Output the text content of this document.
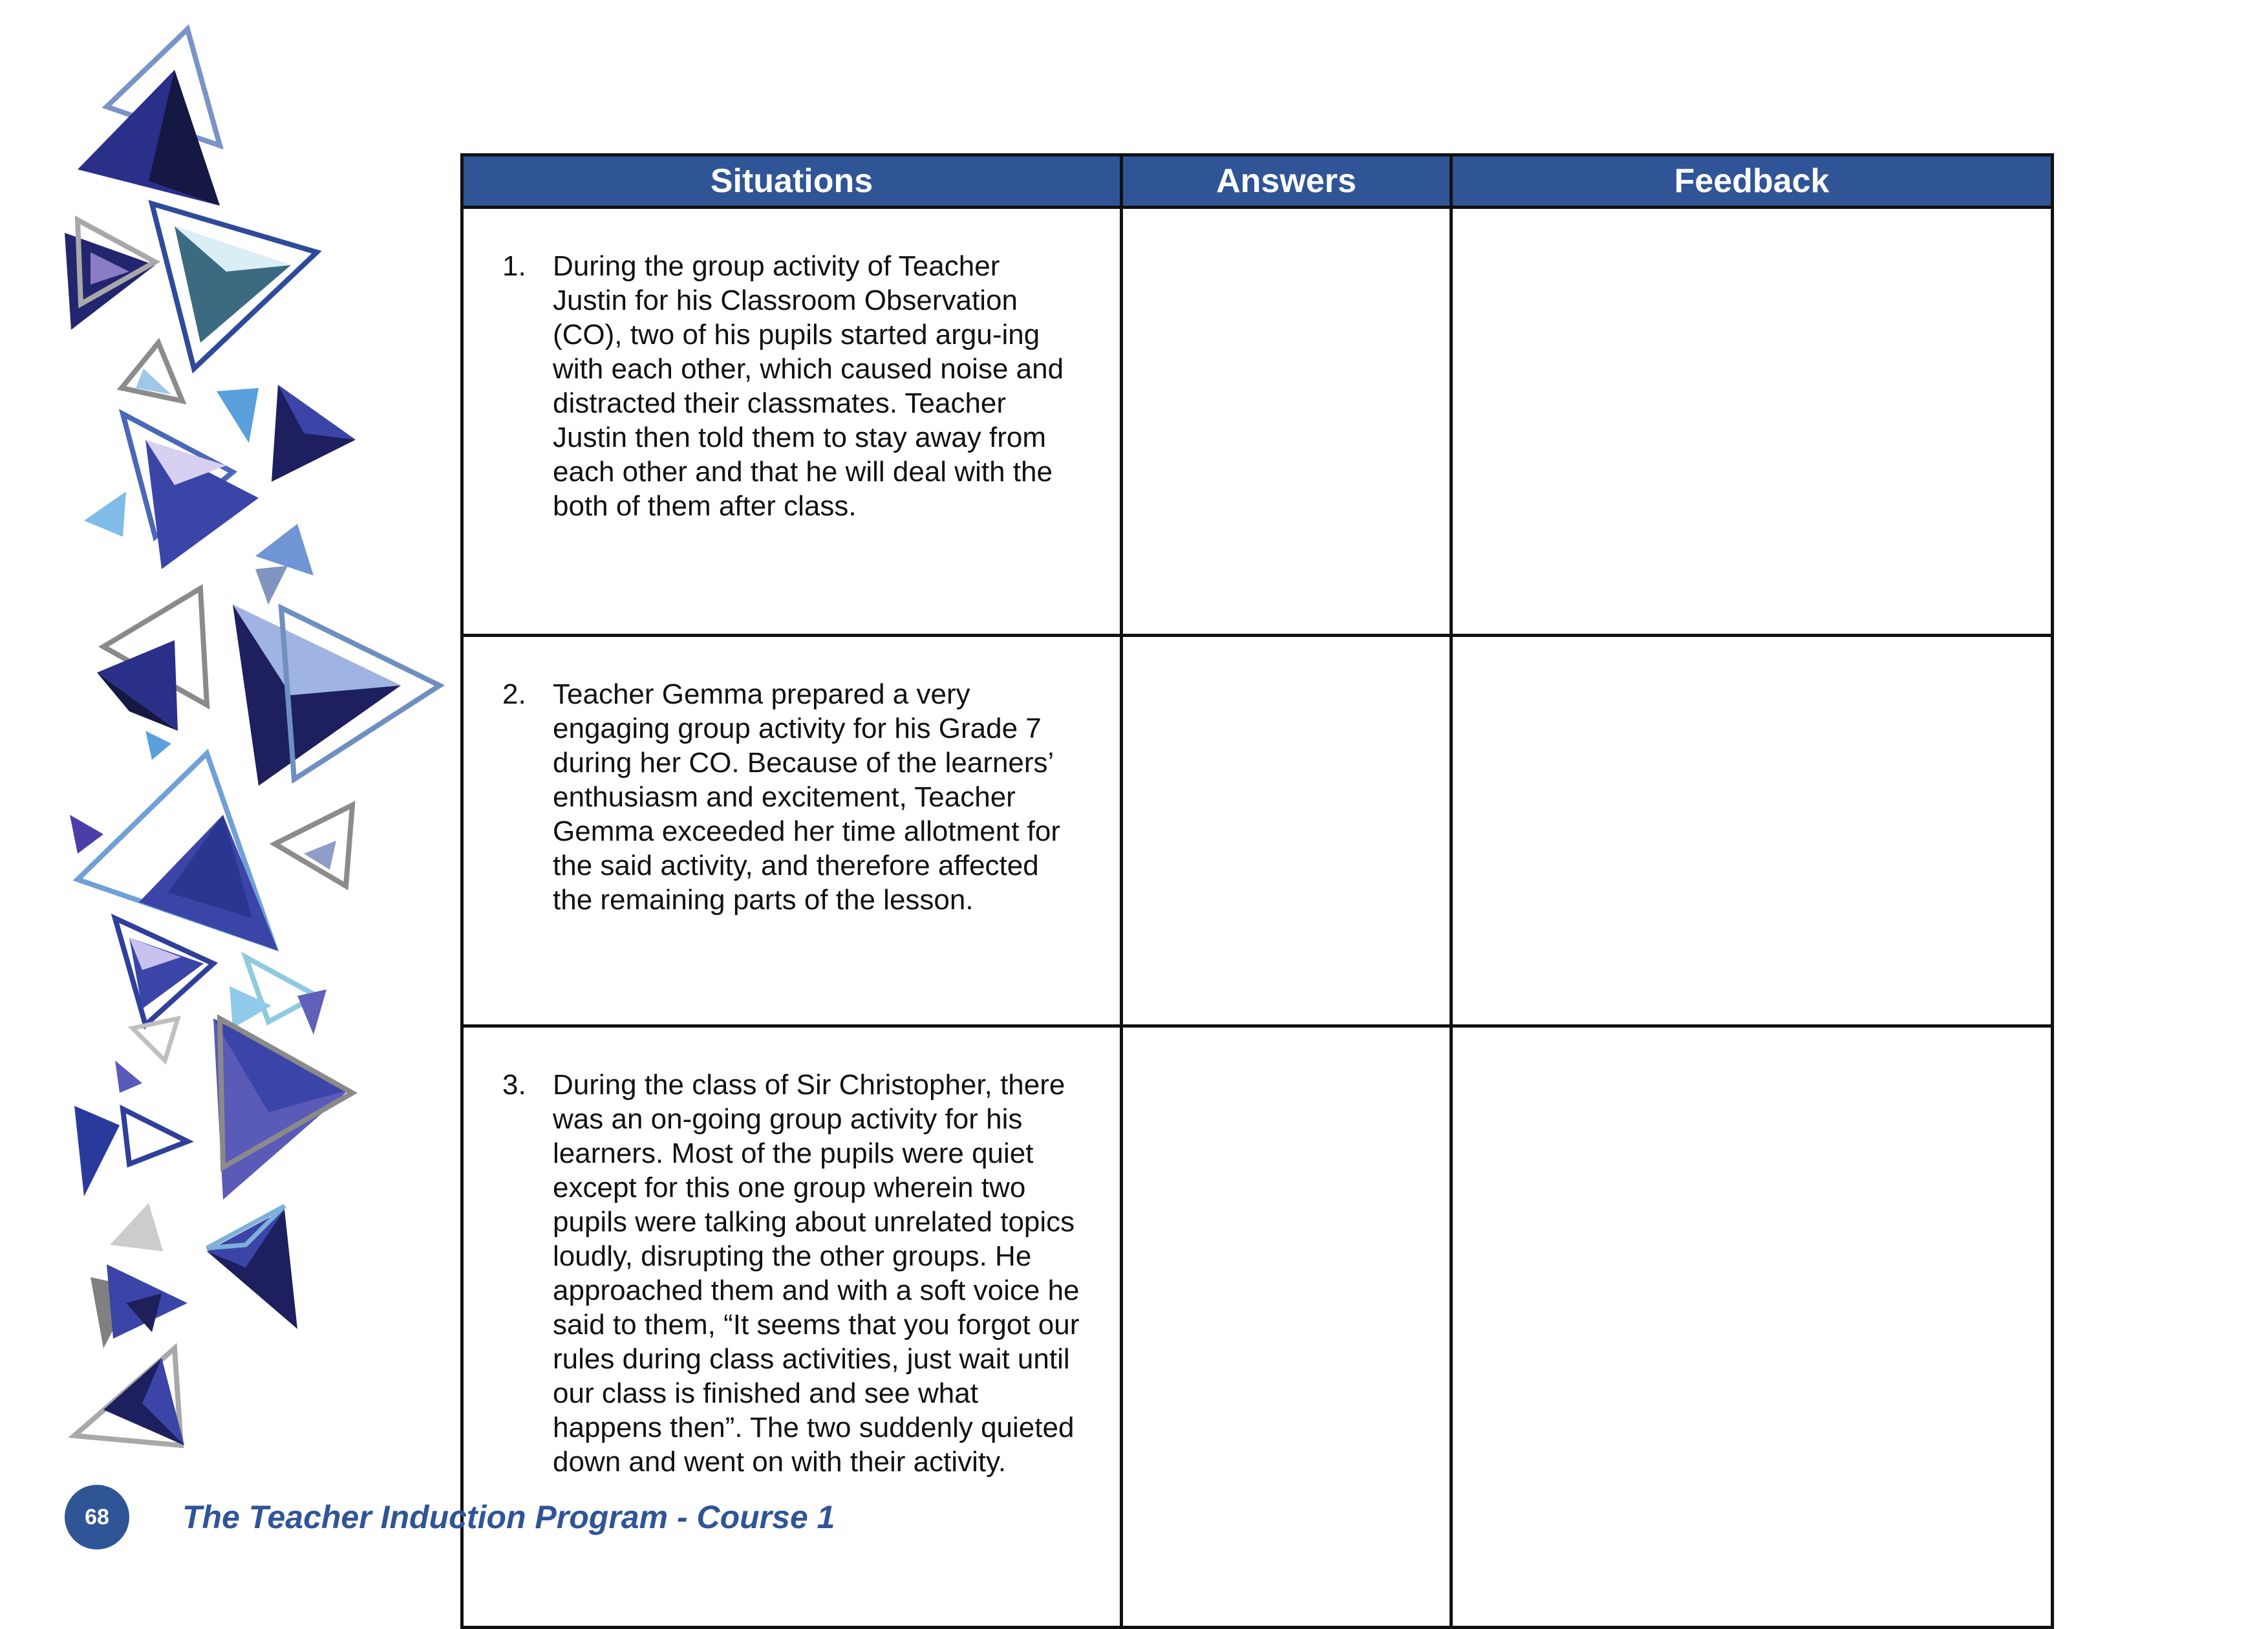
Situations	Answers	Feedback

1. During the group activity of Teacher Justin for his Classroom Observation (CO), two of his pupils started argu-ing with each other, which caused noise and distracted their classmates. Teacher Justin then told them to stay away from each other and that he will deal with the both of them after class.		

2. Teacher Gemma prepared a very engaging group activity for his Grade 7 during her CO. Because of the learners’ enthusiasm and excitement, Teacher Gemma exceeded her time allotment for the said activity, and therefore affected the remaining parts of the lesson.		

3. During the class of Sir Christopher, there was an on-going group activity for his learners. Most of the pupils were quiet except for this one group wherein two pupils were talking about unrelated topics loudly, disrupting the other groups. He approached them and with a soft voice he said to them, “It seems that you forgot our rules during class activities, just wait until our class is finished and see what happens then”. The two suddenly quieted down and went on with their activity.		

68	The Teacher Induction Program - Course 1
